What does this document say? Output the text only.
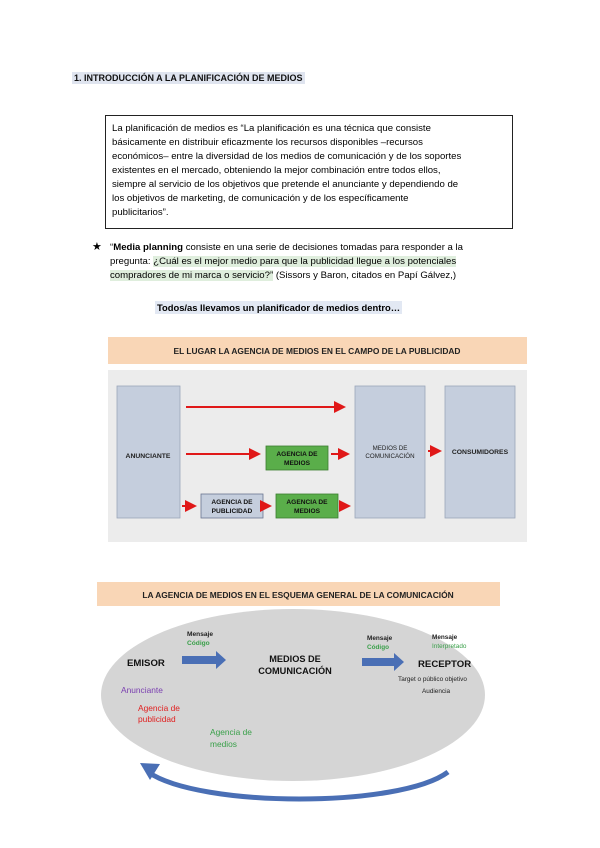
1. INTRODUCCIÓN A LA PLANIFICACIÓN DE MEDIOS
La planificación de medios es “La planificación es una técnica que consiste
básicamente en distribuir eficazmente los recursos disponibles –recursos
económicos– entre la diversidad de los medios de comunicación y de los soportes
existentes en el mercado, obteniendo la mejor combinación entre todos ellos,
siempre al servicio de los objetivos que pretende el anunciante y dependiendo de
los objetivos de marketing, de comunicación y de los específicamente
publicitarios”.
★ “Media planning consiste en una serie de decisiones tomadas para responder a la
pregunta: ¿Cuál es el mejor medio para que la publicidad llegue a los potenciales
compradores de mi marca o servicio?” (Sissors y Baron, citados en Papí Gálvez,)
Todos/as llevamos un planificador de medios dentro…
EL LUGAR LA AGENCIA DE MEDIOS EN EL CAMPO DE LA PUBLICIDAD
ANUNCIANTE
MEDIOS DE
COMUNICACIÓN
CONSUMIDORES
AGENCIA DE
MEDIOS
AGENCIA DE
PUBLICIDAD
AGENCIA DE
MEDIOS
LA AGENCIA DE MEDIOS EN EL ESQUEMA GENERAL DE LA COMUNICACIÓN
Mensaje
Código
EMISOR	MEDIOS DE
COMUNICACIÓN
Mensaje
Código
Mensaje
Interpretado
RECEPTOR
Target o público objetivo
Audiencia
Anunciante
Agencia de
publicidad
Agencia de
medios
